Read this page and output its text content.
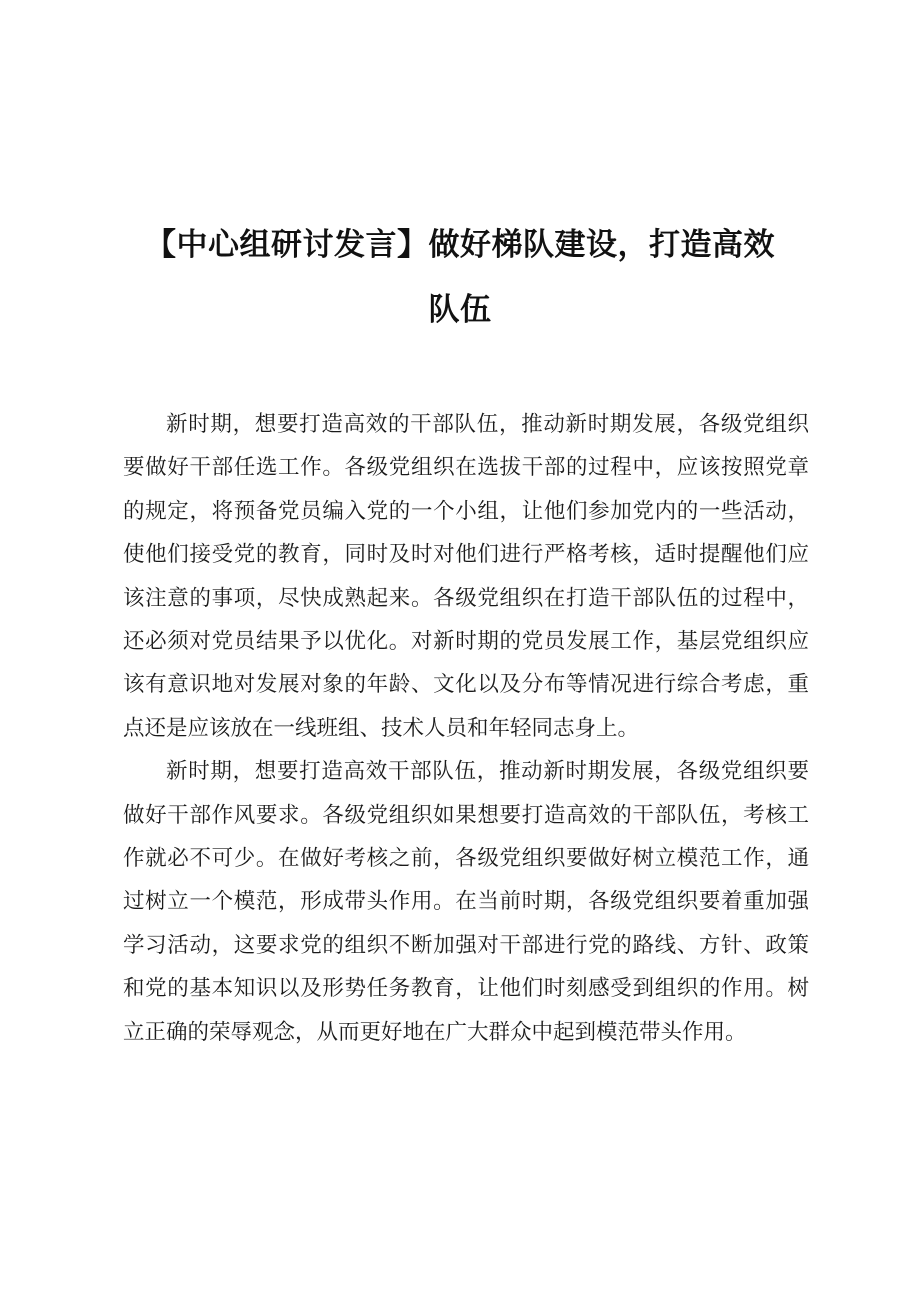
【中心组研讨发言】做好梯队建设，打造高效
队伍

新时期，想要打造高效的干部队伍，推动新时期发展，各级党组织要做好干部任选工作。各级党组织在选拔干部的过程中，应该按照党章的规定，将预备党员编入党的一个小组，让他们参加党内的一些活动，使他们接受党的教育，同时及时对他们进行严格考核，适时提醒他们应该注意的事项，尽快成熟起来。各级党组织在打造干部队伍的过程中，还必须对党员结果予以优化。对新时期的党员发展工作，基层党组织应该有意识地对发展对象的年龄、文化以及分布等情况进行综合考虑，重点还是应该放在一线班组、技术人员和年轻同志身上。

新时期，想要打造高效干部队伍，推动新时期发展，各级党组织要做好干部作风要求。各级党组织如果想要打造高效的干部队伍，考核工作就必不可少。在做好考核之前，各级党组织要做好树立模范工作，通过树立一个模范，形成带头作用。在当前时期，各级党组织要着重加强学习活动，这要求党的组织不断加强对干部进行党的路线、方针、政策和党的基本知识以及形势任务教育，让他们时刻感受到组织的作用。树立正确的荣辱观念，从而更好地在广大群众中起到模范带头作用。
